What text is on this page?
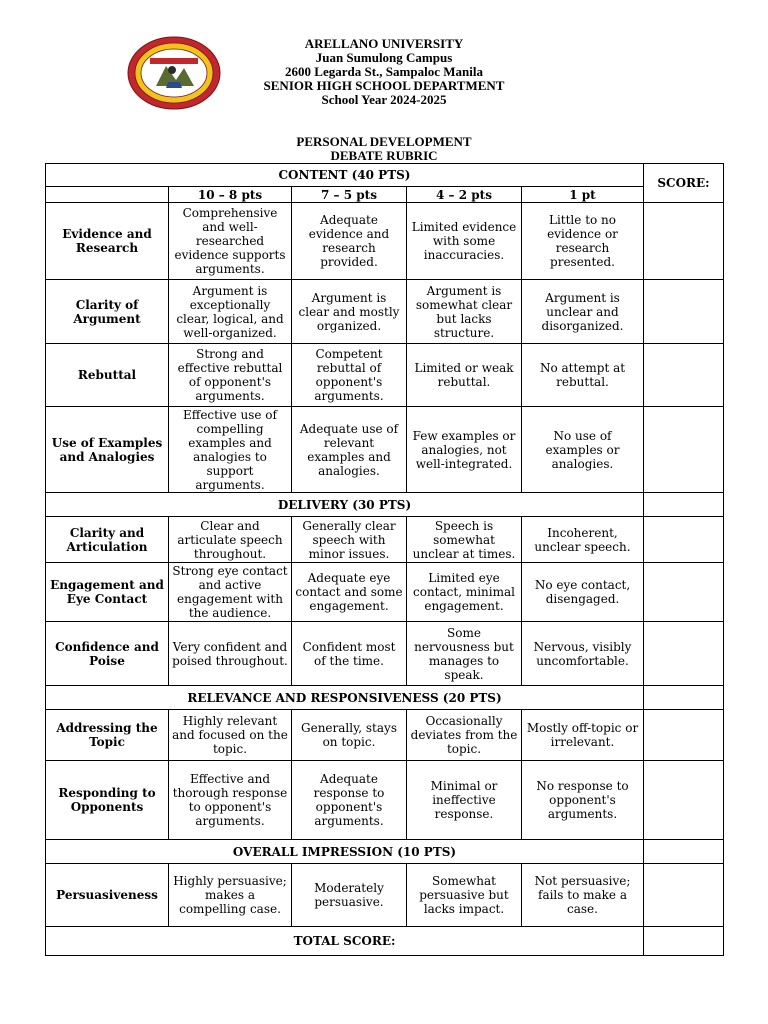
ARELLANO UNIVERSITY
Juan Sumulong Campus
2600 Legarda St., Sampaloc Manila
SENIOR HIGH SCHOOL DEPARTMENT
School Year 2024-2025
PERSONAL DEVELOPMENT
DEBATE RUBRIC
CONTENT (40 PTS)					SCORE:
	10 – 8 pts	7 – 5 pts	4 – 2 pts	1 pt	
Evidence and Research	Comprehensive and well-researched evidence supports arguments.	Adequate evidence and research provided.	Limited evidence with some inaccuracies.	Little to no evidence or research presented.	
Clarity of Argument	Argument is exceptionally clear, logical, and well-organized.	Argument is clear and mostly organized.	Argument is somewhat clear but lacks structure.	Argument is unclear and disorganized.	
Rebuttal	Strong and effective rebuttal of opponent's arguments.	Competent rebuttal of opponent's arguments.	Limited or weak rebuttal.	No attempt at rebuttal.	
Use of Examples and Analogies	Effective use of compelling examples and analogies to support arguments.	Adequate use of relevant examples and analogies.	Few examples or analogies, not well-integrated.	No use of examples or analogies.	
DELIVERY (30 PTS)					
Clarity and Articulation	Clear and articulate speech throughout.	Generally clear speech with minor issues.	Speech is somewhat unclear at times.	Incoherent, unclear speech.	
Engagement and Eye Contact	Strong eye contact and active engagement with the audience.	Adequate eye contact and some engagement.	Limited eye contact, minimal engagement.	No eye contact, disengaged.	
Confidence and Poise	Very confident and poised throughout.	Confident most of the time.	Some nervousness but manages to speak.	Nervous, visibly uncomfortable.	
RELEVANCE AND RESPONSIVENESS (20 PTS)					
Addressing the Topic	Highly relevant and focused on the topic.	Generally, stays on topic.	Occasionally deviates from the topic.	Mostly off-topic or irrelevant.	
Responding to Opponents	Effective and thorough response to opponent's arguments.	Adequate response to opponent's arguments.	Minimal or ineffective response.	No response to opponent's arguments.	
OVERALL IMPRESSION (10 PTS)					
Persuasiveness	Highly persuasive; makes a compelling case.	Moderately persuasive.	Somewhat persuasive but lacks impact.	Not persuasive; fails to make a case.	
TOTAL SCORE:					
